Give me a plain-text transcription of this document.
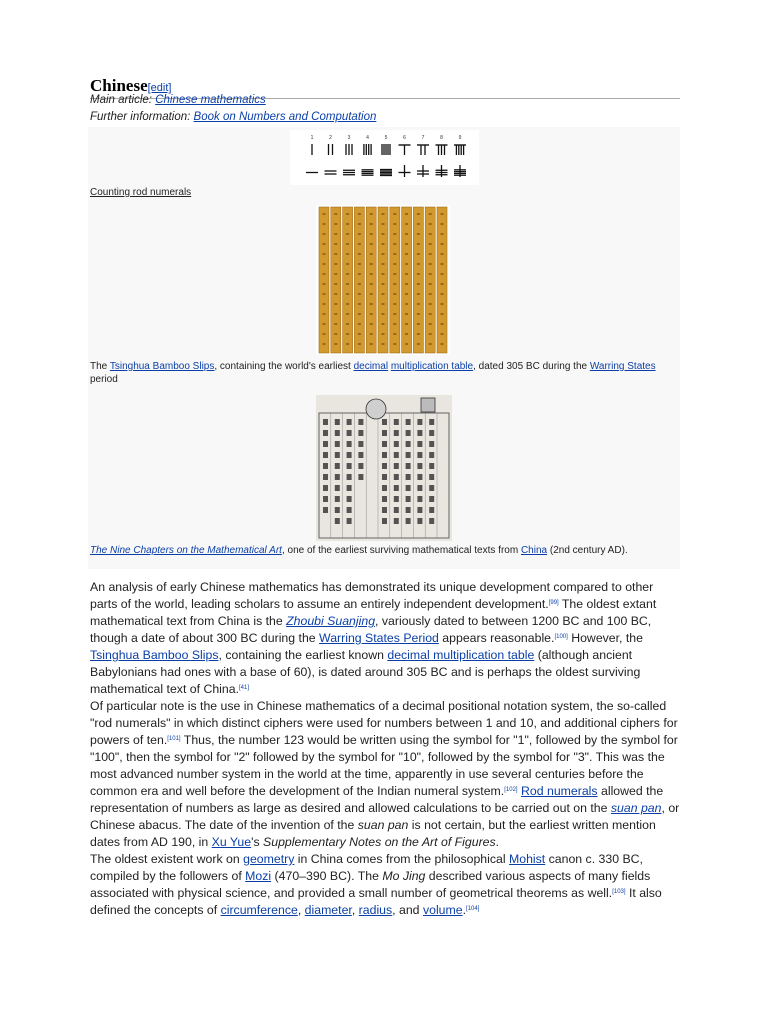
Chinese[edit]
Main article: Chinese mathematics
Further information: Book on Numbers and Computation
1	2	3	4	5	6	7	8	9
Counting rod numerals
The Tsinghua Bamboo Slips, containing the world's earliest decimal multiplication table, dated 305 BC during the Warring States period
The Nine Chapters on the Mathematical Art, one of the earliest surviving mathematical texts from China (2nd century AD).

An analysis of early Chinese mathematics has demonstrated its unique development compared to other parts of the world, leading scholars to assume an entirely independent development.[99] The oldest extant mathematical text from China is the Zhoubi Suanjing, variously dated to between 1200 BC and 100 BC, though a date of about 300 BC during the Warring States Period appears reasonable.[100] However, the Tsinghua Bamboo Slips, containing the earliest known decimal multiplication table (although ancient Babylonians had ones with a base of 60), is dated around 305 BC and is perhaps the oldest surviving mathematical text of China.[41]

Of particular note is the use in Chinese mathematics of a decimal positional notation system, the so-called "rod numerals" in which distinct ciphers were used for numbers between 1 and 10, and additional ciphers for powers of ten.[101] Thus, the number 123 would be written using the symbol for "1", followed by the symbol for "100", then the symbol for "2" followed by the symbol for "10", followed by the symbol for "3". This was the most advanced number system in the world at the time, apparently in use several centuries before the common era and well before the development of the Indian numeral system.[102] Rod numerals allowed the representation of numbers as large as desired and allowed calculations to be carried out on the suan pan, or Chinese abacus. The date of the invention of the suan pan is not certain, but the earliest written mention dates from AD 190, in Xu Yue's Supplementary Notes on the Art of Figures.

The oldest existent work on geometry in China comes from the philosophical Mohist canon c. 330 BC, compiled by the followers of Mozi (470–390 BC). The Mo Jing described various aspects of many fields associated with physical science, and provided a small number of geometrical theorems as well.[103] It also defined the concepts of circumference, diameter, radius, and volume.[104]
